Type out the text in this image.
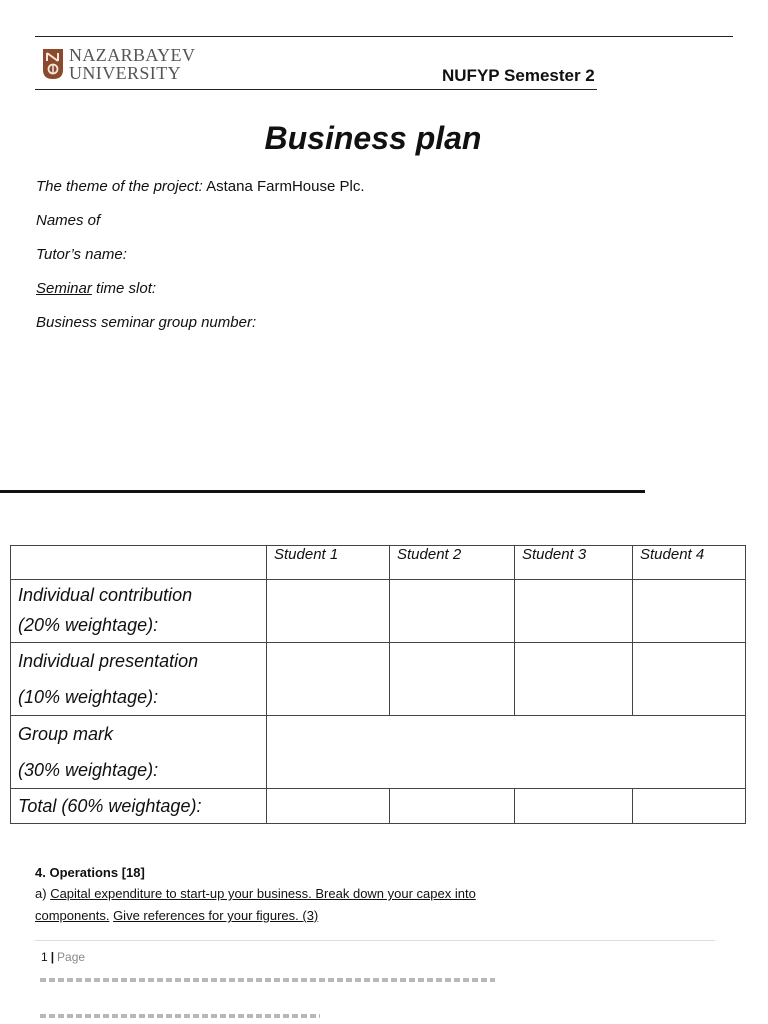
NAZARBAYEV
UNIVERSITY	NUFYP Semester 2
Business plan
The theme of the project: Astana FarmHouse Plc.
Names of
Tutor’s name:
Seminar time slot:
Business seminar group number:
	Student 1	Student 2	Student 3	Student 4

Individual contribution
(20% weightage):				

Individual presentation
(10% weightage):				

Group mark
(30% weightage):				

Total (60% weightage):				

4. Operations [18]
a) Capital expenditure to start-up your business. Break down your capex into
components. Give references for your figures. (3)
1 | Page
